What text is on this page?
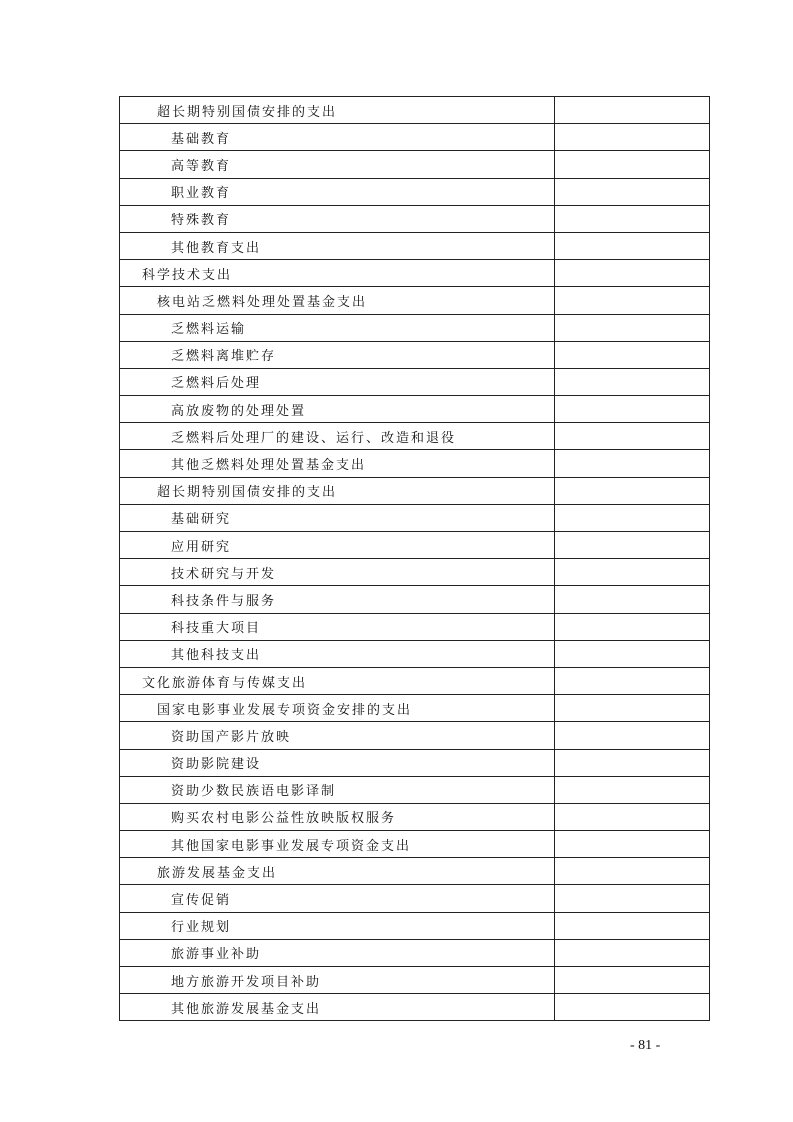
超长期特别国债安排的支出	
基础教育	
高等教育	
职业教育	
特殊教育	
其他教育支出	
科学技术支出	
核电站乏燃料处理处置基金支出	
乏燃料运输	
乏燃料离堆贮存	
乏燃料后处理	
高放废物的处理处置	
乏燃料后处理厂的建设、运行、改造和退役	
其他乏燃料处理处置基金支出	
超长期特别国债安排的支出	
基础研究	
应用研究	
技术研究与开发	
科技条件与服务	
科技重大项目	
其他科技支出	
文化旅游体育与传媒支出	
国家电影事业发展专项资金安排的支出	
资助国产影片放映	
资助影院建设	
资助少数民族语电影译制	
购买农村电影公益性放映版权服务	
其他国家电影事业发展专项资金支出	
旅游发展基金支出	
宣传促销	
行业规划	
旅游事业补助	
地方旅游开发项目补助	
其他旅游发展基金支出	
- 81 -
